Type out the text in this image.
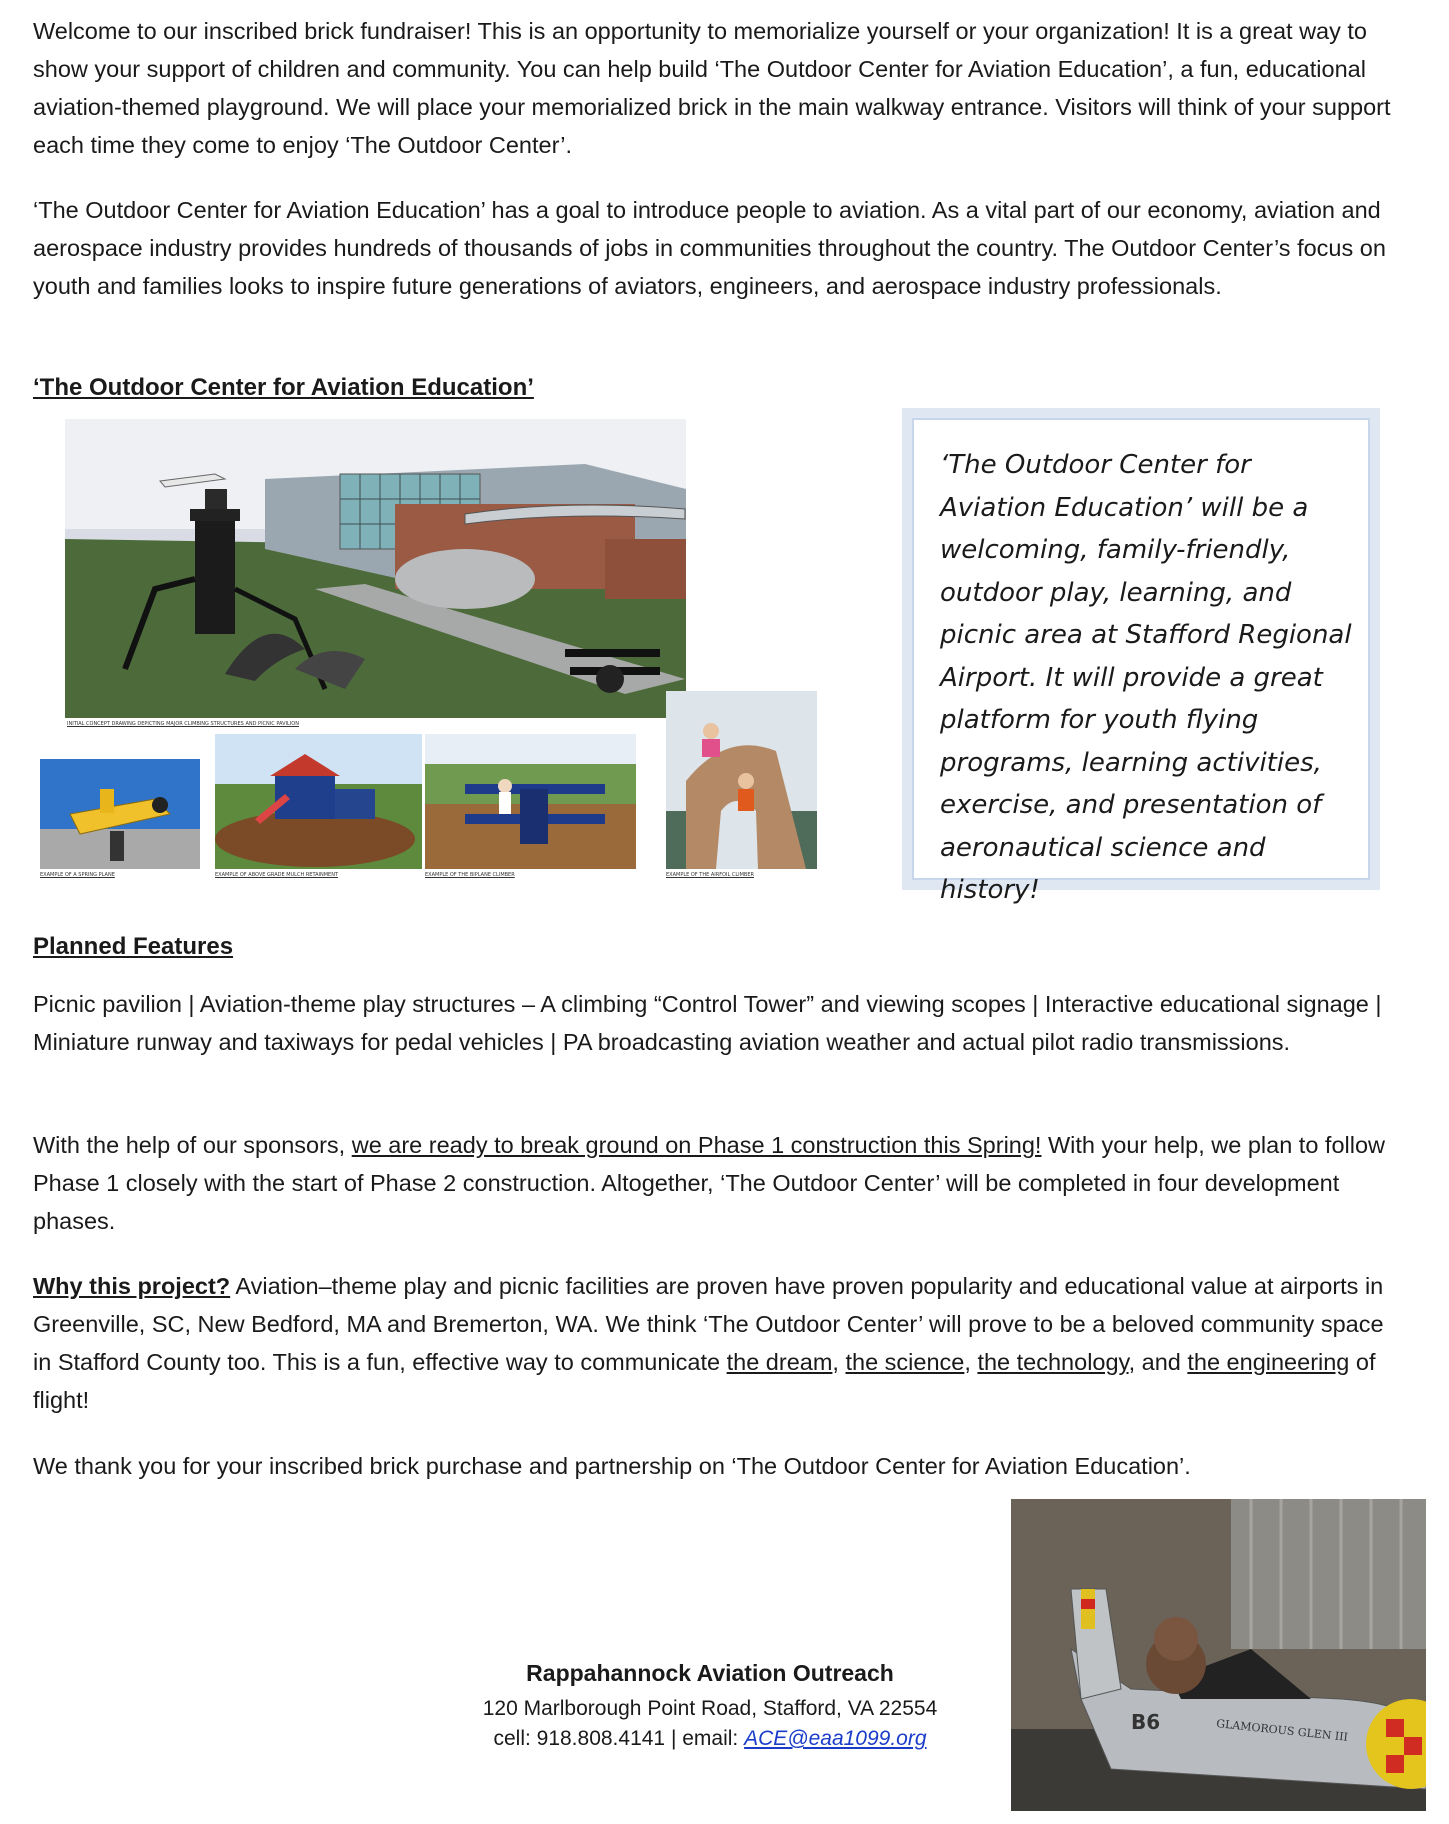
Welcome to our inscribed brick fundraiser! This is an opportunity to memorialize yourself or your organization! It is a great way to show your support of children and community. You can help build ‘The Outdoor Center for Aviation Education’, a fun, educational aviation-themed playground. We will place your memorialized brick in the main walkway entrance. Visitors will think of your support each time they come to enjoy ‘The Outdoor Center’.

‘The Outdoor Center for Aviation Education’ has a goal to introduce people to aviation. As a vital part of our economy, aviation and aerospace industry provides hundreds of thousands of jobs in communities throughout the country. The Outdoor Center’s focus on youth and families looks to inspire future generations of aviators, engineers, and aerospace industry professionals.

‘The Outdoor Center for Aviation Education’

INITIAL CONCEPT DRAWING DEPICTING MAJOR CLIMBING STRUCTURES AND PICNIC PAVILION
EXAMPLE OF A SPRING PLANE	EXAMPLE OF ABOVE GRADE MULCH RETAINMENT	EXAMPLE OF THE BIPLANE CLIMBER	EXAMPLE OF THE AIRFOIL CLIMBER

‘The Outdoor Center for Aviation Education’ will be a welcoming, family-friendly, outdoor play, learning, and picnic area at Stafford Regional Airport. It will provide a great platform for youth flying programs, learning activities, exercise, and presentation of aeronautical science and history!

Planned Features

Picnic pavilion | Aviation-theme play structures – A climbing “Control Tower” and viewing scopes | Interactive educational signage | Miniature runway and taxiways for pedal vehicles | PA broadcasting aviation weather and actual pilot radio transmissions.

With the help of our sponsors, we are ready to break ground on Phase 1 construction this Spring! With your help, we plan to follow Phase 1 closely with the start of Phase 2 construction. Altogether, ‘The Outdoor Center’ will be completed in four development phases.

Why this project? Aviation–theme play and picnic facilities are proven have proven popularity and educational value at airports in Greenville, SC, New Bedford, MA and Bremerton, WA. We think ‘The Outdoor Center’ will prove to be a beloved community space in Stafford County too. This is a fun, effective way to communicate the dream, the science, the technology, and the engineering of flight!

We thank you for your inscribed brick purchase and partnership on ‘The Outdoor Center for Aviation Education’.

B6	GLAMOROUS GLEN III
Rappahannock Aviation Outreach
120 Marlborough Point Road, Stafford, VA 22554
cell: 918.808.4141 | email: ACE@eaa1099.org
